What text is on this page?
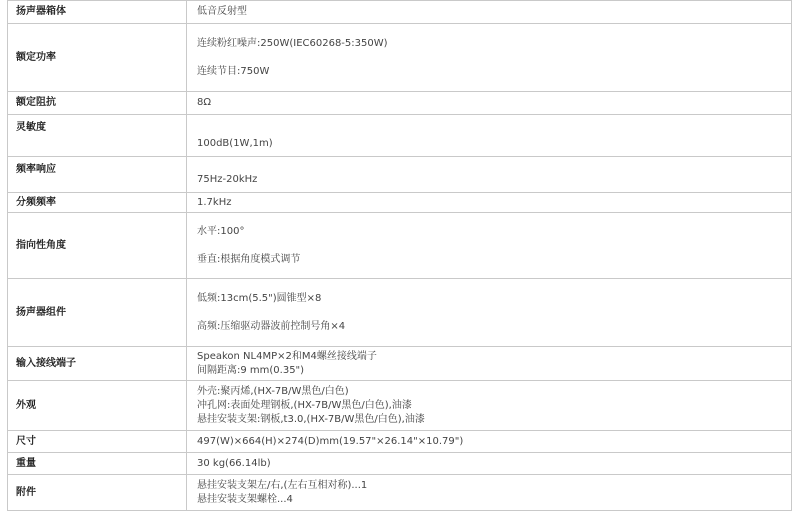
扬声器箱体	低音反射型

额定功率	连续粉红噪声:250W(IEC60268-5:350W)
连续节目:750W

额定阻抗	8Ω

灵敏度	100dB(1W,1m)

频率响应	75Hz-20kHz

分频频率	1.7kHz

指向性角度	水平:100°
垂直:根据角度模式调节

扬声器组件	低频:13cm(5.5")圆锥型×8
高频:压缩驱动器波前控制号角×4

输入接线端子	Speakon NL4MP×2和M4螺丝接线端子
间隔距离:9 mm(0.35")

外观	外壳:聚丙烯,(HX-7B/W黑色/白色)
冲孔网:表面处理钢板,(HX-7B/W黑色/白色),油漆
悬挂安装支架:钢板,t3.0,(HX-7B/W黑色/白色),油漆

尺寸	497(W)×664(H)×274(D)mm(19.57"×26.14"×10.79")

重量	30 kg(66.14lb)

附件	悬挂安装支架左/右,(左右互相对称)...1
悬挂安装支架螺栓...4
